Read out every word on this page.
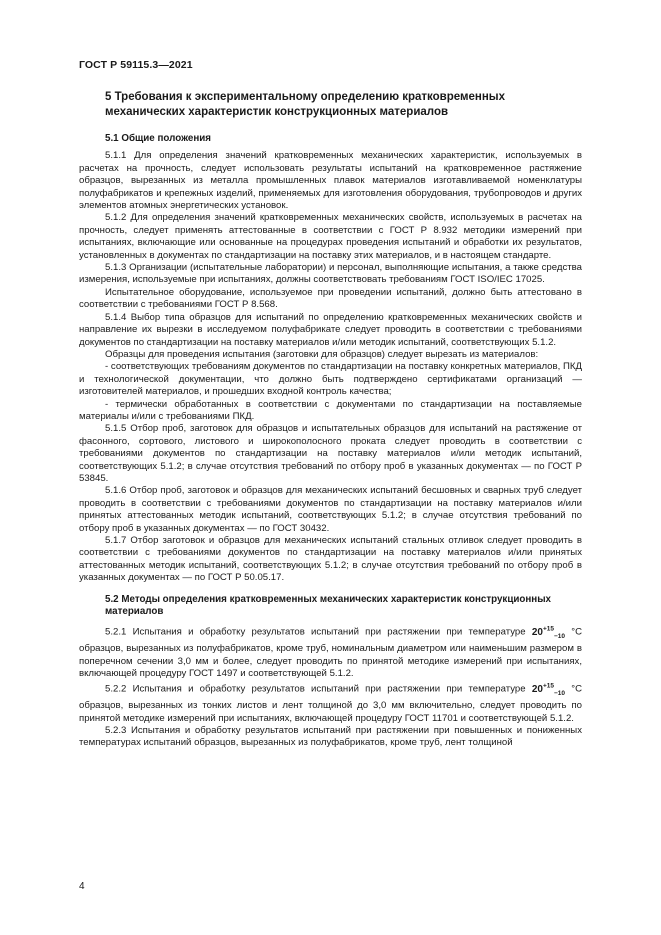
ГОСТ Р 59115.3—2021
5 Требования к экспериментальному определению кратковременных механических характеристик конструкционных материалов
5.1 Общие положения

5.1.1 Для определения значений кратковременных механических характеристик, используемых в расчетах на прочность, следует использовать результаты испытаний на кратковременное растяжение образцов, вырезанных из металла промышленных плавок материалов изготавливаемой номенклатуры полуфабрикатов и крепежных изделий, применяемых для изготовления оборудования, трубопроводов и других элементов атомных энергетических установок.

5.1.2 Для определения значений кратковременных механических свойств, используемых в расчетах на прочность, следует применять аттестованные в соответствии с ГОСТ Р 8.932 методики измерений при испытаниях, включающие или основанные на процедурах проведения испытаний и обработки их результатов, установленных в документах по стандартизации на поставку этих материалов, и в настоящем стандарте.

5.1.3 Организации (испытательные лаборатории) и персонал, выполняющие испытания, а также средства измерения, используемые при испытаниях, должны соответствовать требованиям ГОСТ ISO/IEC 17025.

Испытательное оборудование, используемое при проведении испытаний, должно быть аттестовано в соответствии с требованиями ГОСТ Р 8.568.

5.1.4 Выбор типа образцов для испытаний по определению кратковременных механических свойств и направление их вырезки в исследуемом полуфабрикате следует проводить в соответствии с требованиями документов по стандартизации на поставку материалов и/или методик испытаний, соответствующих 5.1.2.

Образцы для проведения испытания (заготовки для образцов) следует вырезать из материалов:

- соответствующих требованиям документов по стандартизации на поставку конкретных материалов, ПКД и технологической документации, что должно быть подтверждено сертификатами организаций — изготовителей материалов, и прошедших входной контроль качества;

- термически обработанных в соответствии с документами по стандартизации на поставляемые материалы и/или с требованиями ПКД.

5.1.5 Отбор проб, заготовок для образцов и испытательных образцов для испытаний на растяжение от фасонного, сортового, листового и широкополосного проката следует проводить в соответствии с требованиями документов по стандартизации на поставку материалов и/или методик испытаний, соответствующих 5.1.2; в случае отсутствия требований по отбору проб в указанных документах — по ГОСТ Р 53845.

5.1.6 Отбор проб, заготовок и образцов для механических испытаний бесшовных и сварных труб следует проводить в соответствии с требованиями документов по стандартизации на поставку материалов и/или принятых аттестованных методик испытаний, соответствующих 5.1.2; в случае отсутствия требований по отбору проб в указанных документах — по ГОСТ 30432.

5.1.7 Отбор заготовок и образцов для механических испытаний стальных отливок следует проводить в соответствии с требованиями документов по стандартизации на поставку материалов и/или принятых аттестованных методик испытаний, соответствующих 5.1.2; в случае отсутствия требований по отбору проб в указанных документах — по ГОСТ Р 50.05.17.

5.2 Методы определения кратковременных механических характеристик конструкционных материалов

5.2.1 Испытания и обработку результатов испытаний при растяжении при температуре $20^{+15}_{-10}$ °С образцов, вырезанных из полуфабрикатов, кроме труб, номинальным диаметром или наименьшим размером в поперечном сечении 3,0 мм и более, следует проводить по принятой методике измерений при испытаниях, включающей процедуру ГОСТ 1497 и соответствующей 5.1.2.

5.2.2 Испытания и обработку результатов испытаний при растяжении при температуре $20^{+15}_{-10}$ °С образцов, вырезанных из тонких листов и лент толщиной до 3,0 мм включительно, следует проводить по принятой методике измерений при испытаниях, включающей процедуру ГОСТ 11701 и соответствующей 5.1.2.

5.2.3 Испытания и обработку результатов испытаний при растяжении при повышенных и пониженных температурах испытаний образцов, вырезанных из полуфабрикатов, кроме труб, лент толщиной

4
